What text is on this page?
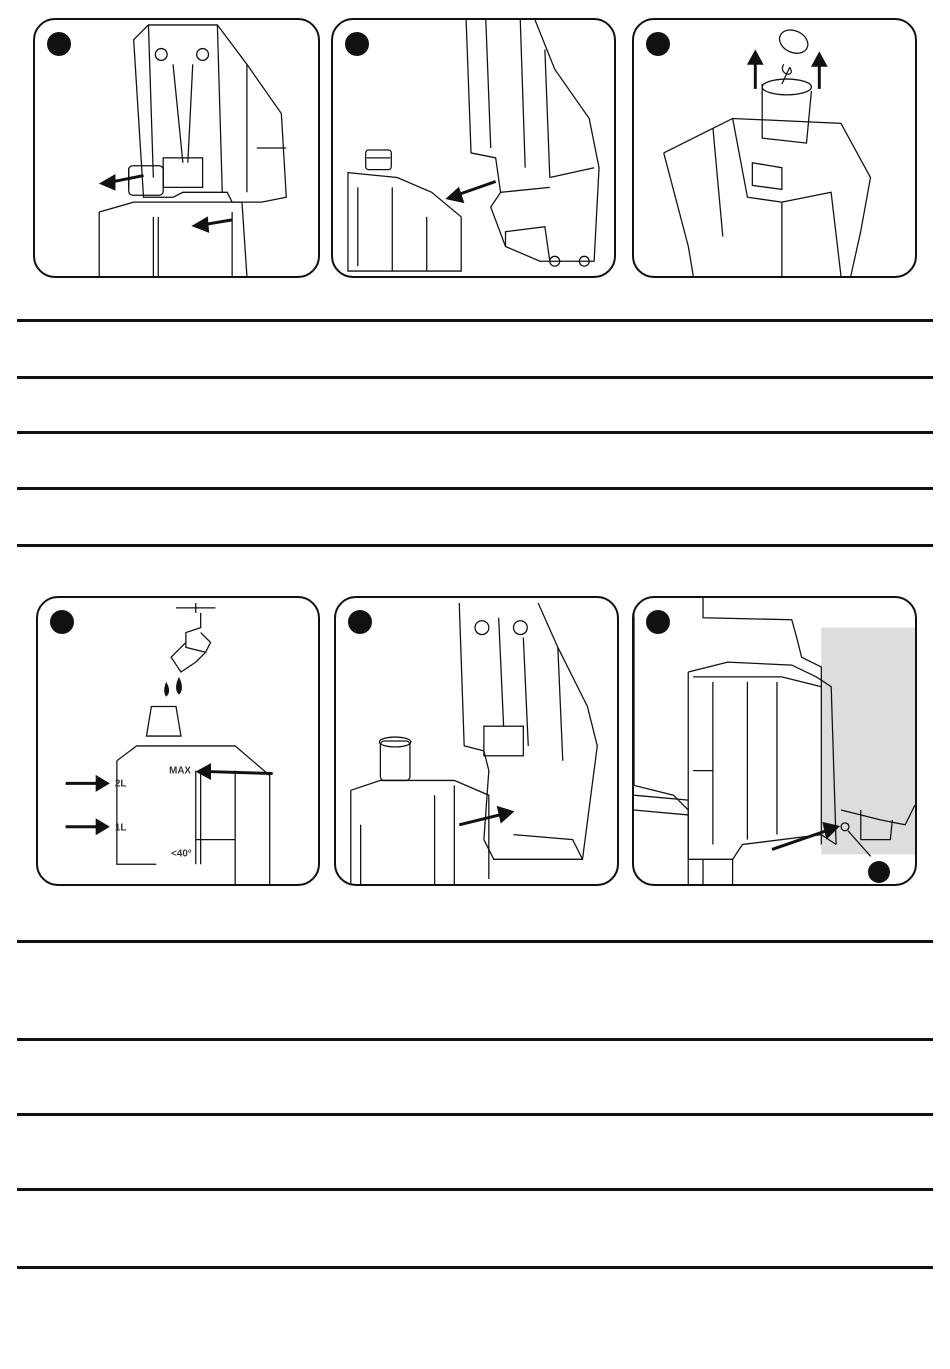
2L
1L
MAX
<40°
